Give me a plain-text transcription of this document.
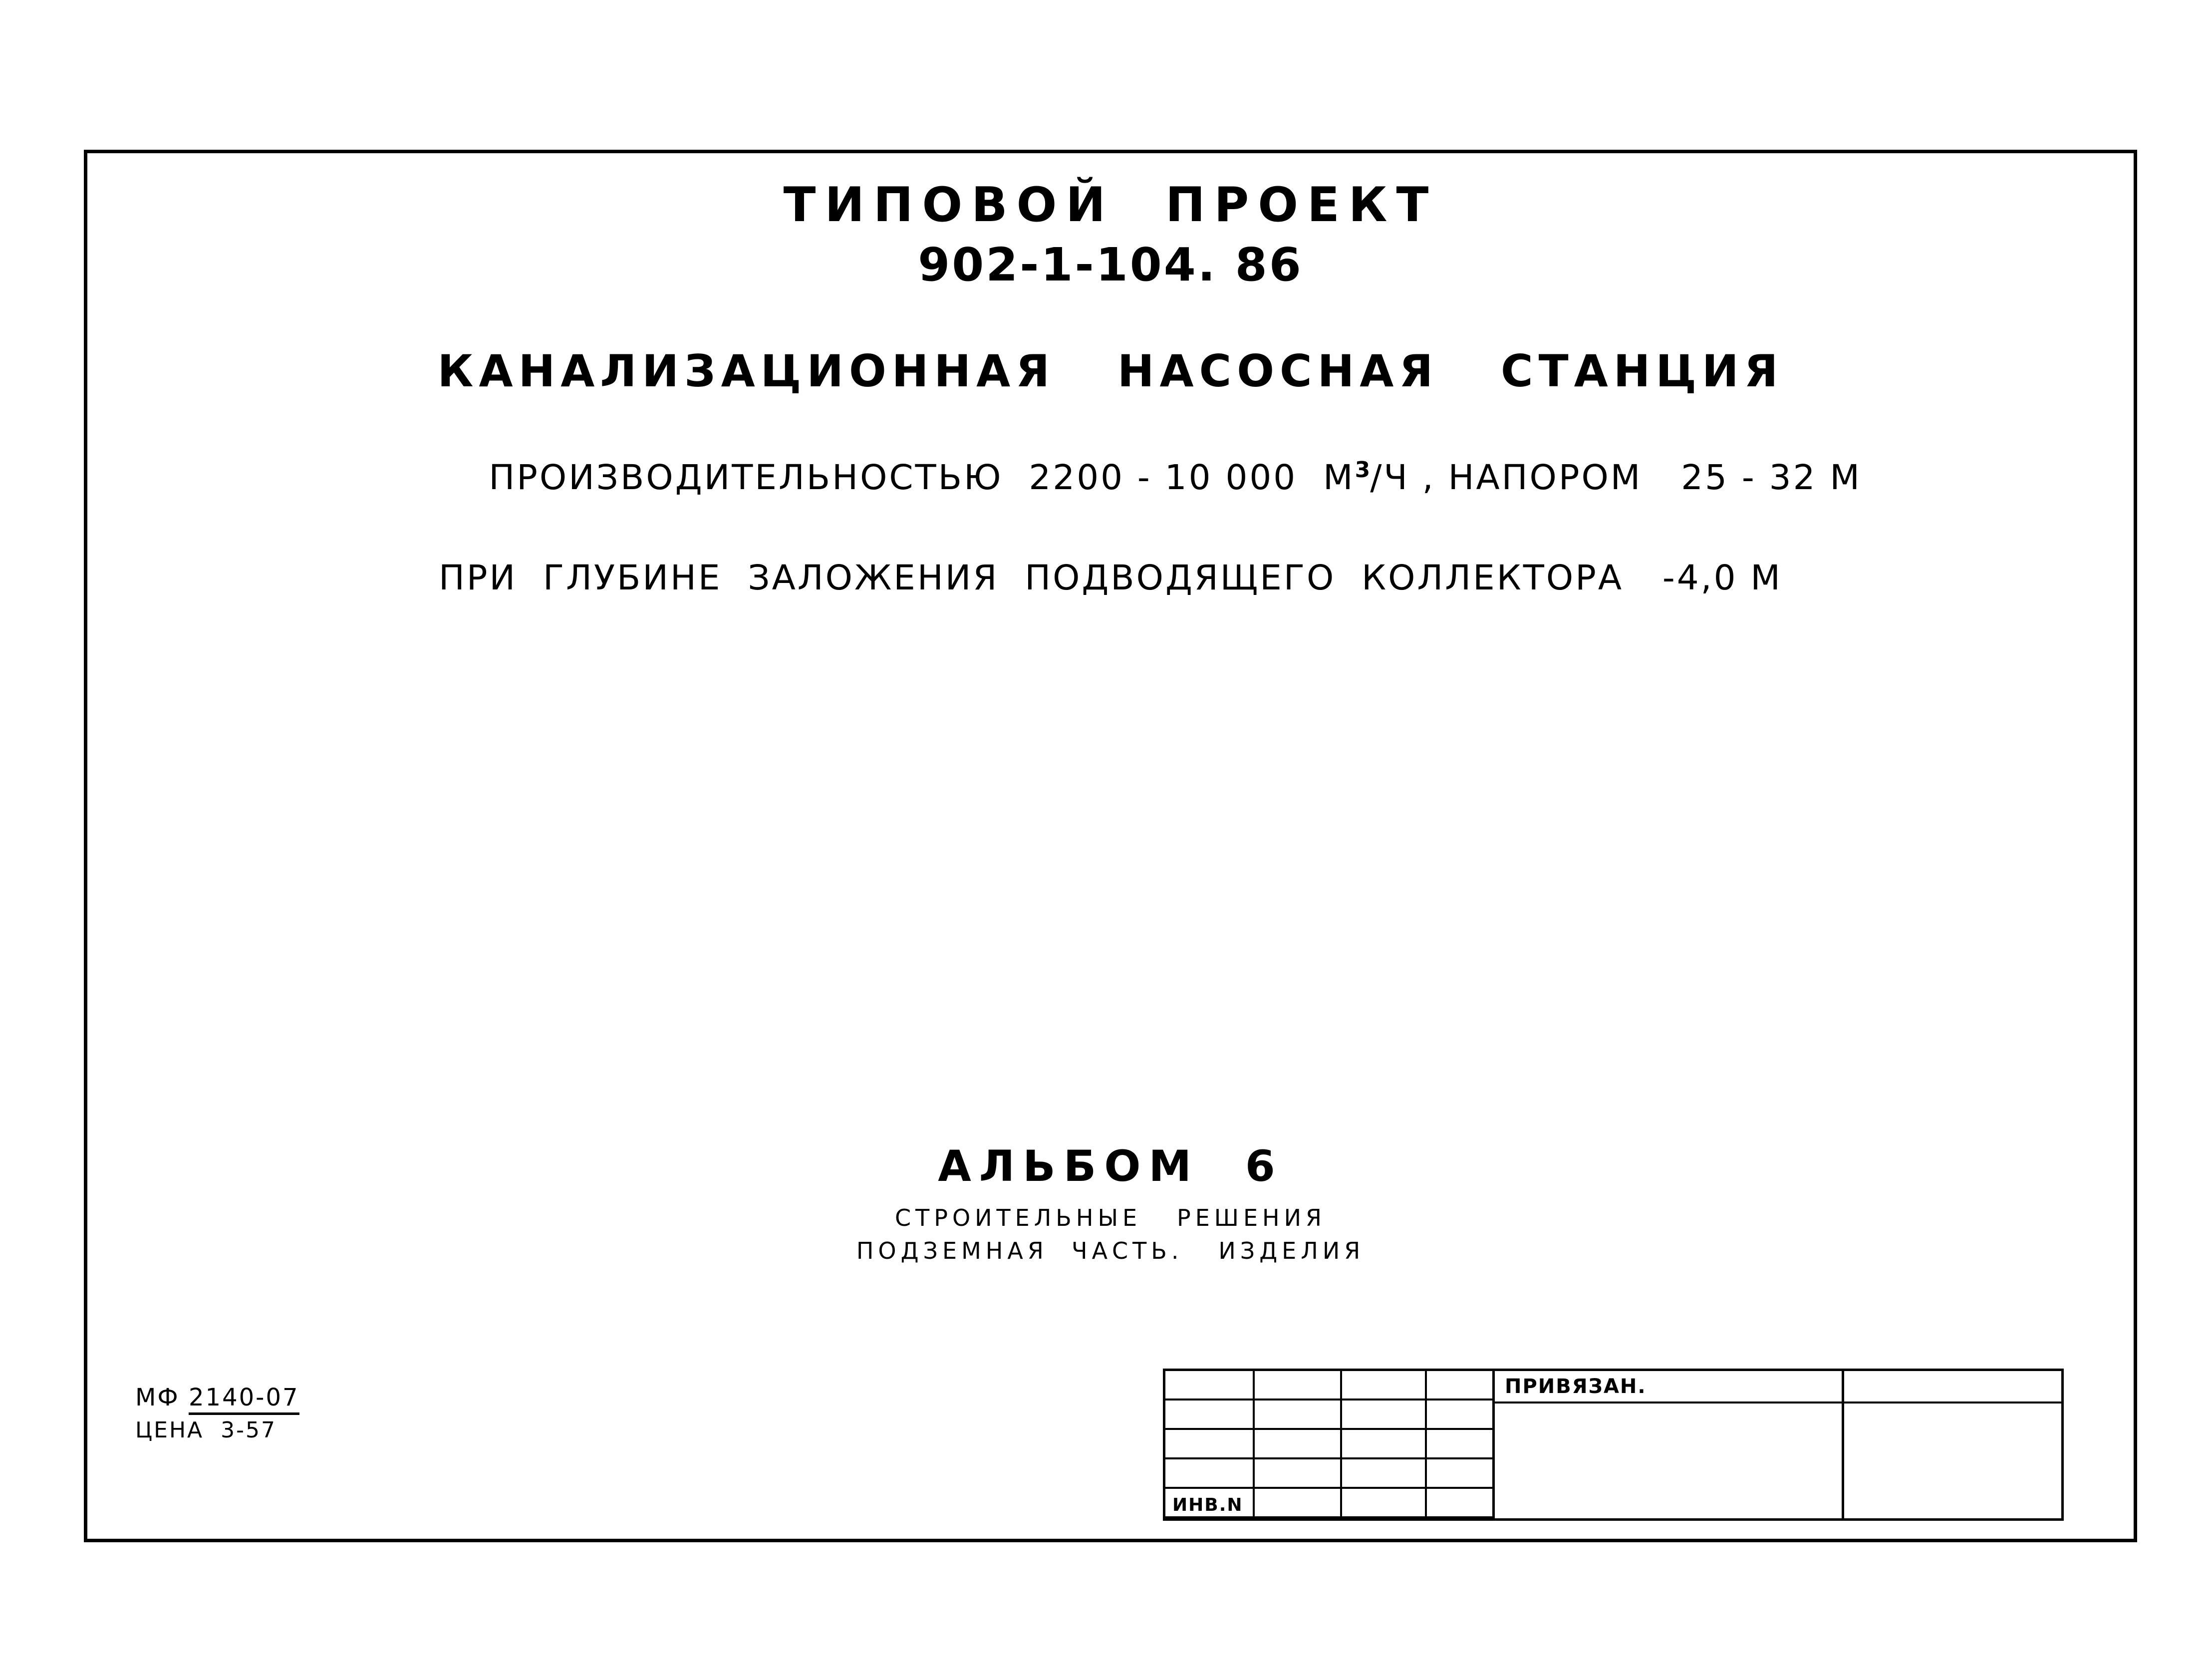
ТИПОВОЙ  ПРОЕКТ
902-1-104. 86
КАНАЛИЗАЦИОННАЯ   НАСОСНАЯ   СТАНЦИЯ

ПРОИЗВОДИТЕЛЬНОСТЬЮ  2200 - 10 000  $М^3/Ч$ , НАПОРОМ   25 - 32 М

ПРИ  ГЛУБИНЕ  ЗАЛОЖЕНИЯ  ПОДВОДЯЩЕГО  КОЛЛЕКТОРА   -4,0 М
АЛЬБОМ  6
СТРОИТЕЛЬНЫЕ   РЕШЕНИЯ
ПОДЗЕМНАЯ  ЧАСТЬ.   ИЗДЕЛИЯ
МФ 2140-07
ЦЕНА  3-57
ИНВ.N
ПРИВЯЗАН.
